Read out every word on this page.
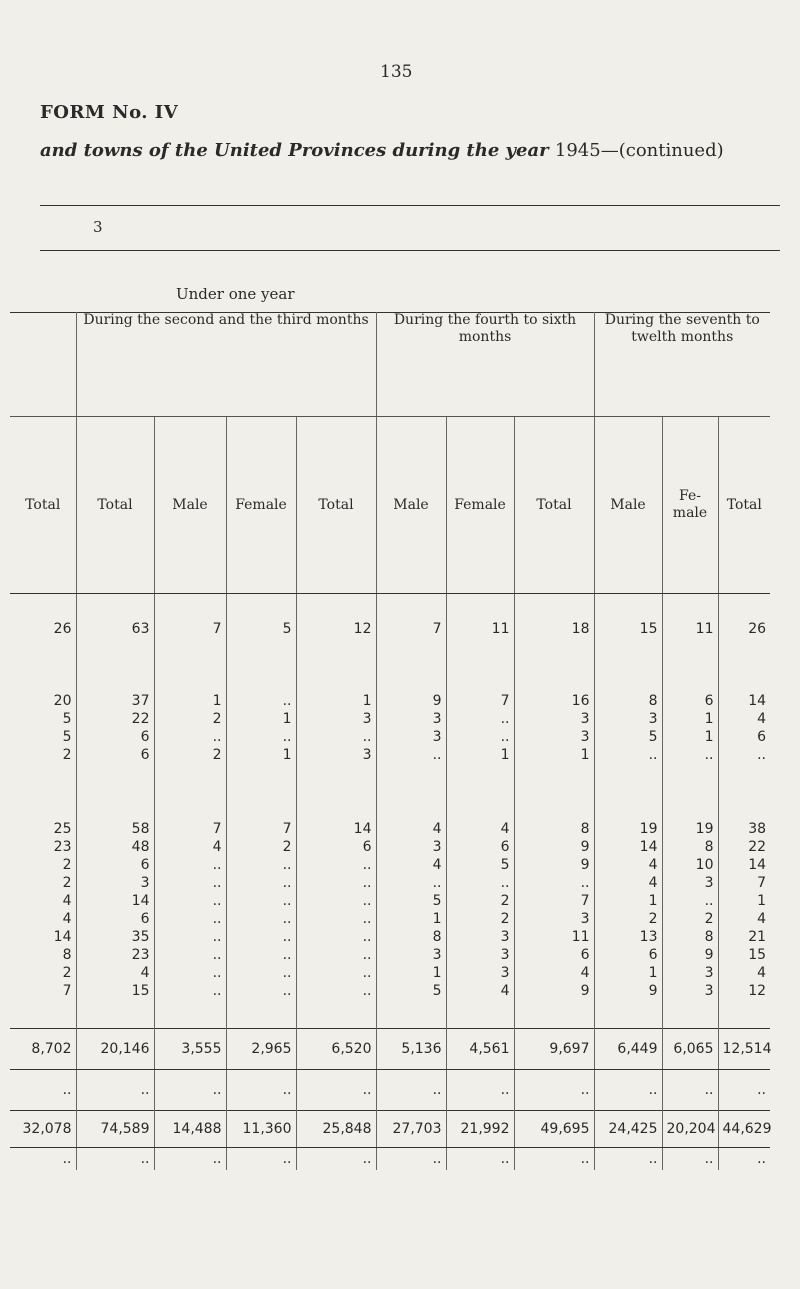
135
FORM No. IV
and towns of the United Provinces during the year 1945—(continued)
3
Under one year
	During the second and the third months				During the fourth to sixth months			During the seventh to twelth months		
Total	Total	Male	Female	Total	Male	Female	Total	Male	Fe-male	Total
26	63	7	5	12	7	11	18	15	11	26

20	37	1	..	1	9	7	16	8	6	14
5	22	2	1	3	3	..	3	3	1	4
5	6	..	..	..	3	..	3	5	1	6
2	6	2	1	3	..	1	1	..	..	..

25	58	7	7	14	4	4	8	19	19	38
23	48	4	2	6	3	6	9	14	8	22
2	6	..	..	..	4	5	9	4	10	14
2	3	..	..	..	..	..	..	4	3	7
4	14	..	..	..	5	2	7	1	..	1
4	6	..	..	..	1	2	3	2	2	4
14	35	..	..	..	8	3	11	13	8	21
8	23	..	..	..	3	3	6	6	9	15
2	4	..	..	..	1	3	4	1	3	4
7	15	..	..	..	5	4	9	9	3	12

8,702	20,146	3,555	2,965	6,520	5,136	4,561	9,697	6,449	6,065	12,514
..	..	..	..	..	..	..	..	..	..	..
32,078	74,589	14,488	11,360	25,848	27,703	21,992	49,695	24,425	20,204	44,629
..	..	..	..	..	..	..	..	..	..	..
